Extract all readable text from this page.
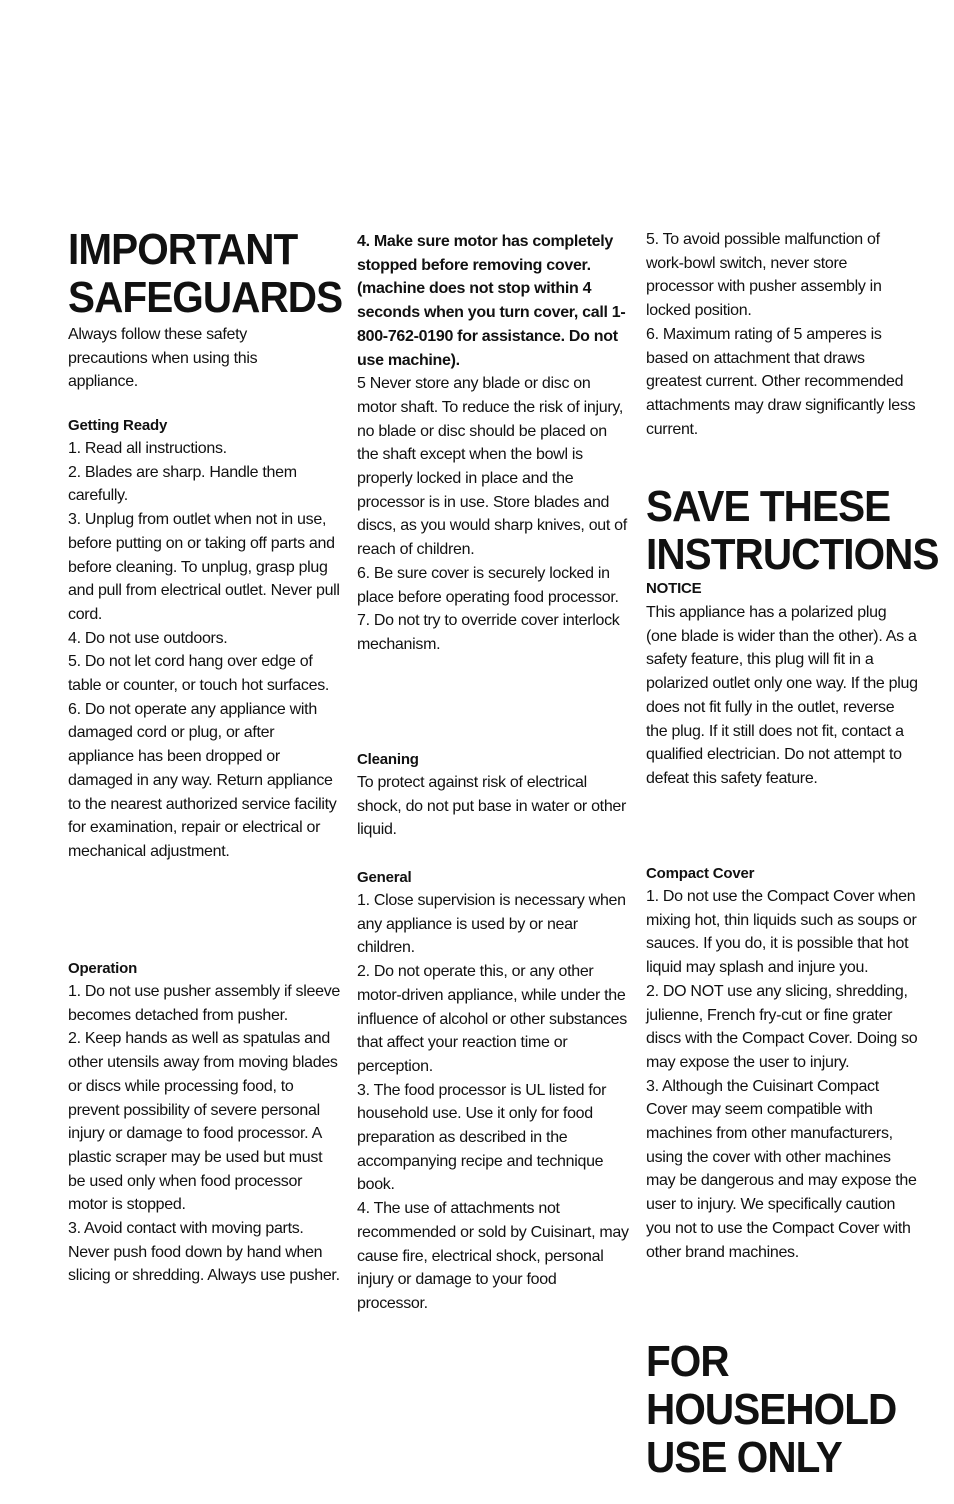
IMPORTANT
SAFEGUARDS

Always follow these safety precautions when using this appliance.

Getting Ready
1. Read all instructions.
2. Blades are sharp. Handle them carefully.
3. Unplug from outlet when not in use, before putting on or taking off parts and before cleaning. To unplug, grasp plug and pull from electrical outlet. Never pull cord.
4. Do not use outdoors.
5. Do not let cord hang over edge of table or counter, or touch hot surfaces.
6. Do not operate any appliance with damaged cord or plug, or after appliance has been dropped or damaged in any way. Return appliance to the nearest authorized service facility for examination, repair or electrical or mechanical adjustment.
Operation
1. Do not use pusher assembly if sleeve becomes detached from pusher.
2. Keep hands as well as spatulas and other utensils away from moving blades or discs while processing food, to prevent possibility of severe personal injury or damage to food processor. A plastic scraper may be used but must be used only when food processor motor is stopped.
3. Avoid contact with moving parts. Never push food down by hand when slicing or shredding. Always use pusher.
4. Make sure motor has completely stopped before removing cover. (machine does not stop within 4 seconds when you turn cover, call 1-800-762-0190 for assistance. Do not use machine).
5 Never store any blade or disc on motor shaft. To reduce the risk of injury, no blade or disc should be placed on the shaft except when the bowl is properly locked in place and the processor is in use. Store blades and discs, as you would sharp knives, out of reach of children.
6. Be sure cover is securely locked in place before operating food processor.
7. Do not try to override cover interlock mechanism.
Cleaning

To protect against risk of electrical shock, do not put base in water or other liquid.

General
1. Close supervision is necessary when any appliance is used by or near children.
2. Do not operate this, or any other motor-driven appliance, while under the influence of alcohol or other substances that affect your reaction time or perception.
3. The food processor is UL listed for household use. Use it only for food preparation as described in the accompanying recipe and technique book.
4. The use of attachments not recommended or sold by Cuisinart, may cause fire, electrical shock, personal injury or damage to your food processor.
5. To avoid possible malfunction of work-bowl switch, never store processor with pusher assembly in locked position.
6. Maximum rating of 5 amperes is based on attachment that draws greatest current. Other recommended attachments may draw significantly less current.
SAVE THESE
INSTRUCTIONS
NOTICE

This appliance has a polarized plug (one blade is wider than the other). As a safety feature, this plug will fit in a polarized outlet only one way. If the plug does not fit fully in the outlet, reverse the plug. If it still does not fit, contact a qualified electrician. Do not attempt to defeat this safety feature.

Compact Cover
1. Do not use the Compact Cover when mixing hot, thin liquids such as soups or sauces. If you do, it is possible that hot liquid may splash and injure you.
2. DO NOT use any slicing, shredding, julienne, French fry-cut or fine grater discs with the Compact Cover. Doing so may expose the user to injury.
3. Although the Cuisinart Compact Cover may seem compatible with machines from other manufacturers, using the cover with other machines may be dangerous and may expose the user to injury. We specifically caution you not to use the Compact Cover with other brand machines.
FOR HOUSEHOLD
USE ONLY
